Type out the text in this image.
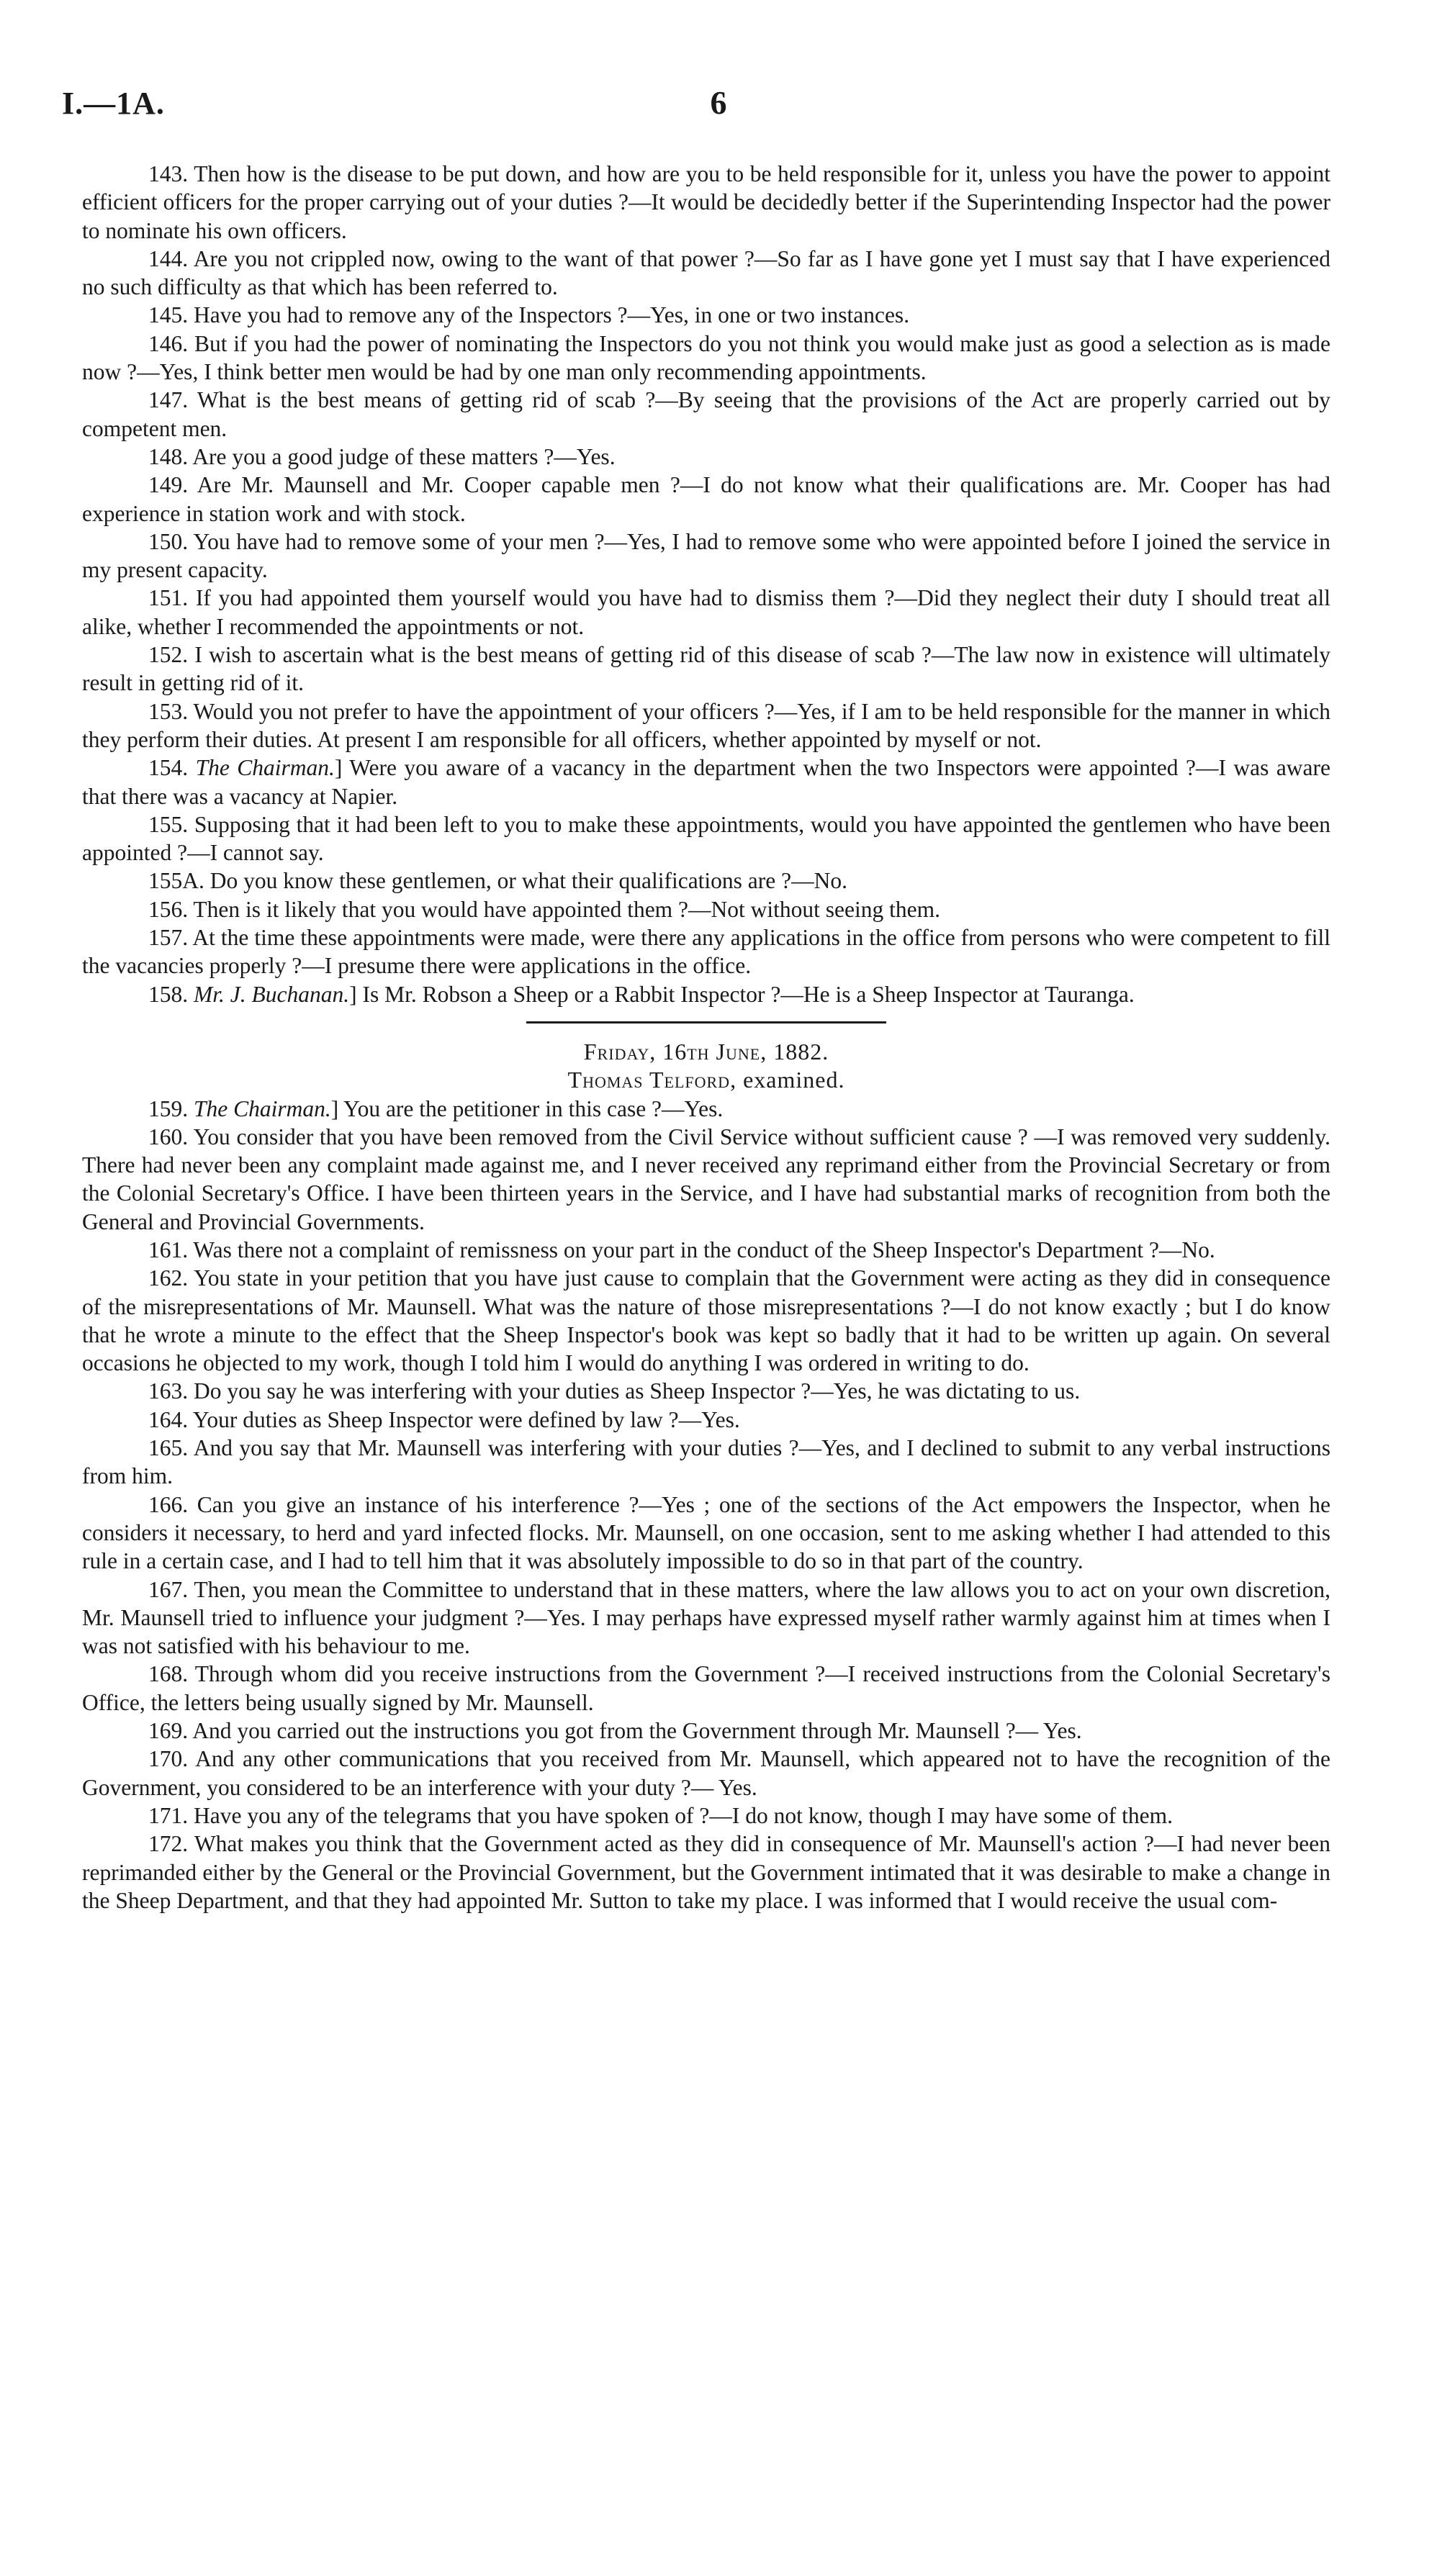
I.—1A.	6

143. Then how is the disease to be put down, and how are you to be held responsible for it, unless you have the power to appoint efficient officers for the proper carrying out of your duties ?—It would be decidedly better if the Superintending Inspector had the power to nominate his own officers.

144. Are you not crippled now, owing to the want of that power ?—So far as I have gone yet I must say that I have experienced no such difficulty as that which has been referred to.

145. Have you had to remove any of the Inspectors ?—Yes, in one or two instances.

146. But if you had the power of nominating the Inspectors do you not think you would make just as good a selection as is made now ?—Yes, I think better men would be had by one man only recommending appointments.

147. What is the best means of getting rid of scab ?—By seeing that the provisions of the Act are properly carried out by competent men.

148. Are you a good judge of these matters ?—Yes.

149. Are Mr. Maunsell and Mr. Cooper capable men ?—I do not know what their qualifications are. Mr. Cooper has had experience in station work and with stock.

150. You have had to remove some of your men ?—Yes, I had to remove some who were appointed before I joined the service in my present capacity.

151. If you had appointed them yourself would you have had to dismiss them ?—Did they neglect their duty I should treat all alike, whether I recommended the appointments or not.

152. I wish to ascertain what is the best means of getting rid of this disease of scab ?—The law now in existence will ultimately result in getting rid of it.

153. Would you not prefer to have the appointment of your officers ?—Yes, if I am to be held responsible for the manner in which they perform their duties. At present I am responsible for all officers, whether appointed by myself or not.

154. The Chairman.] Were you aware of a vacancy in the department when the two Inspectors were appointed ?—I was aware that there was a vacancy at Napier.

155. Supposing that it had been left to you to make these appointments, would you have appointed the gentlemen who have been appointed ?—I cannot say.

155A. Do you know these gentlemen, or what their qualifications are ?—No.

156. Then is it likely that you would have appointed them ?—Not without seeing them.

157. At the time these appointments were made, were there any applications in the office from persons who were competent to fill the vacancies properly ?—I presume there were applications in the office.

158. Mr. J. Buchanan.] Is Mr. Robson a Sheep or a Rabbit Inspector ?—He is a Sheep Inspector at Tauranga.

Friday, 16th June, 1882.

Thomas Telford, examined.

159. The Chairman.] You are the petitioner in this case ?—Yes.

160. You consider that you have been removed from the Civil Service without sufficient cause ? —I was removed very suddenly. There had never been any complaint made against me, and I never received any reprimand either from the Provincial Secretary or from the Colonial Secretary's Office. I have been thirteen years in the Service, and I have had substantial marks of recognition from both the General and Provincial Governments.

161. Was there not a complaint of remissness on your part in the conduct of the Sheep Inspector's Department ?—No.

162. You state in your petition that you have just cause to complain that the Government were acting as they did in consequence of the misrepresentations of Mr. Maunsell. What was the nature of those misrepresentations ?—I do not know exactly ; but I do know that he wrote a minute to the effect that the Sheep Inspector's book was kept so badly that it had to be written up again. On several occasions he objected to my work, though I told him I would do anything I was ordered in writing to do.

163. Do you say he was interfering with your duties as Sheep Inspector ?—Yes, he was dictating to us.

164. Your duties as Sheep Inspector were defined by law ?—Yes.

165. And you say that Mr. Maunsell was interfering with your duties ?—Yes, and I declined to submit to any verbal instructions from him.

166. Can you give an instance of his interference ?—Yes ; one of the sections of the Act empowers the Inspector, when he considers it necessary, to herd and yard infected flocks. Mr. Maunsell, on one occasion, sent to me asking whether I had attended to this rule in a certain case, and I had to tell him that it was absolutely impossible to do so in that part of the country.

167. Then, you mean the Committee to understand that in these matters, where the law allows you to act on your own discretion, Mr. Maunsell tried to influence your judgment ?—Yes. I may perhaps have expressed myself rather warmly against him at times when I was not satisfied with his behaviour to me.

168. Through whom did you receive instructions from the Government ?—I received instructions from the Colonial Secretary's Office, the letters being usually signed by Mr. Maunsell.

169. And you carried out the instructions you got from the Government through Mr. Maunsell ?— Yes.

170. And any other communications that you received from Mr. Maunsell, which appeared not to have the recognition of the Government, you considered to be an interference with your duty ?— Yes.

171. Have you any of the telegrams that you have spoken of ?—I do not know, though I may have some of them.

172. What makes you think that the Government acted as they did in consequence of Mr. Maunsell's action ?—I had never been reprimanded either by the General or the Provincial Government, but the Government intimated that it was desirable to make a change in the Sheep Department, and that they had appointed Mr. Sutton to take my place. I was informed that I would receive the usual com-
